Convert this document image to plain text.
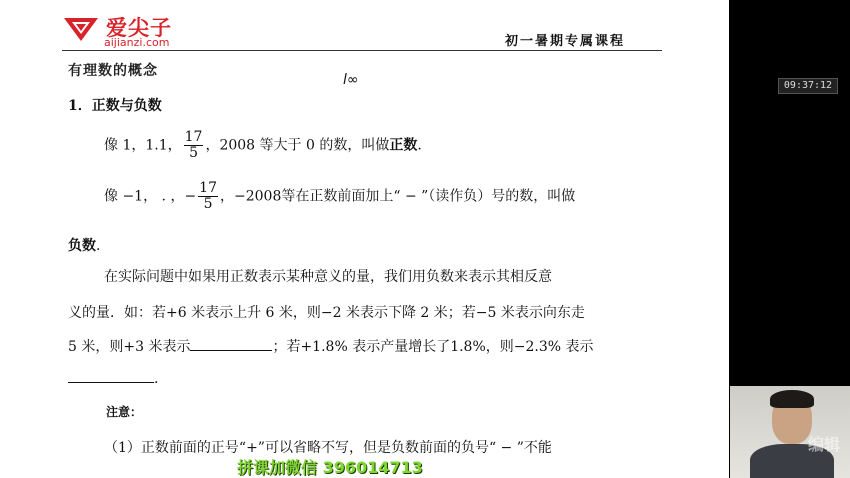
爱尖子
aijianzi.com	初一暑期专属课程
有理数的概念
l∞
1．正数与负数
像 1，1.1， $\frac{17}{5}$ ，2008 等大于 0 的数，叫做正数.
像 −1， . ，− $\frac{17}{5}$ ，−2008等在正数前面加上“ − ”（读作负）号的数，叫做
负数.
在实际问题中如果用正数表示某种意义的量，我们用负数来表示其相反意
义的量．如：若+6 米表示上升 6 米，则−2 米表示下降 2 米；若−5 米表示向东走
5 米，则+3 米表示	；若+1.8% 表示产量增长了1.8%，则−2.3% 表示
.
注意：
（1）正数前面的正号“+”可以省略不写，但是负数前面的负号“ − ”不能
拼课加微信 396014713
09:37:12
编辑
